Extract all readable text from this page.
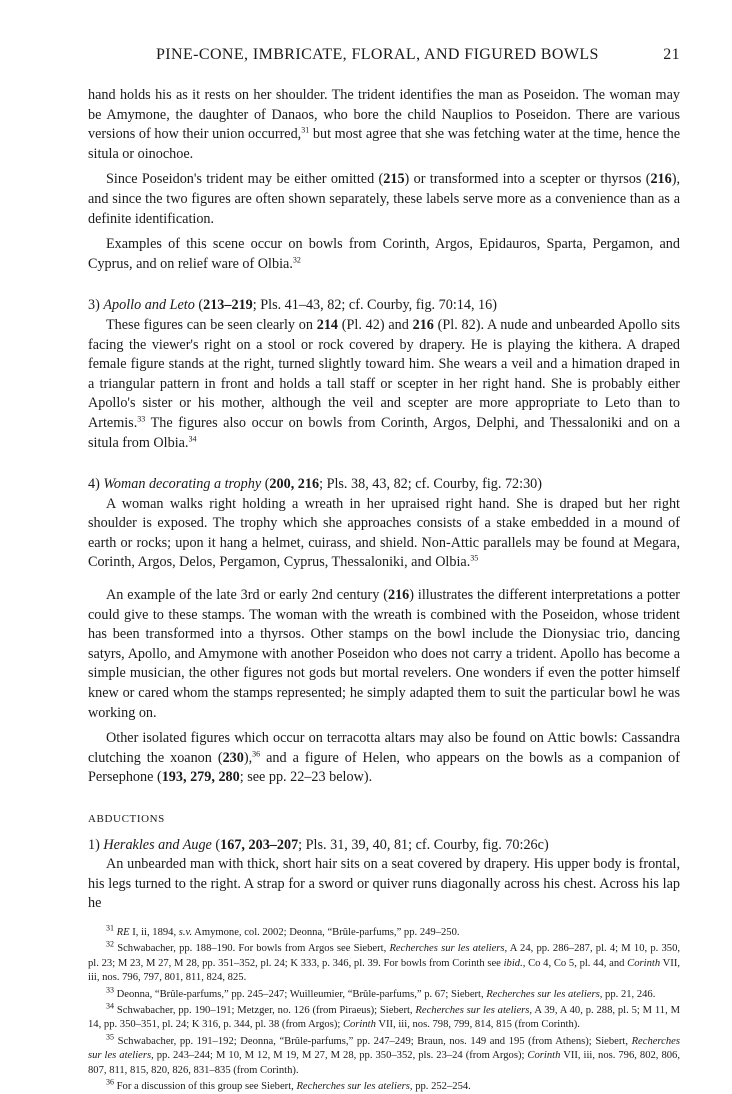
PINE-CONE, IMBRICATE, FLORAL, AND FIGURED BOWLS	21

hand holds his as it rests on her shoulder. The trident identifies the man as Poseidon. The woman may be Amymone, the daughter of Danaos, who bore the child Nauplios to Poseidon. There are various versions of how their union occurred,$^{31}$ but most agree that she was fetching water at the time, hence the situla or oinochoe.

Since Poseidon's trident may be either omitted (215) or transformed into a scepter or thyrsos (216), and since the two figures are often shown separately, these labels serve more as a convenience than as a definite identification.

Examples of this scene occur on bowls from Corinth, Argos, Epidauros, Sparta, Pergamon, and Cyprus, and on relief ware of Olbia.$^{32}$

3) Apollo and Leto (213–219; Pls. 41–43, 82; cf. Courby, fig. 70:14, 16)

These figures can be seen clearly on 214 (Pl. 42) and 216 (Pl. 82). A nude and unbearded Apollo sits facing the viewer's right on a stool or rock covered by drapery. He is playing the kithera. A draped female figure stands at the right, turned slightly toward him. She wears a veil and a himation draped in a triangular pattern in front and holds a tall staff or scepter in her right hand. She is probably either Apollo's sister or his mother, although the veil and scepter are more appropriate to Leto than to Artemis.$^{33}$ The figures also occur on bowls from Corinth, Argos, Delphi, and Thessaloniki and on a situla from Olbia.$^{34}$

4) Woman decorating a trophy (200, 216; Pls. 38, 43, 82; cf. Courby, fig. 72:30)

A woman walks right holding a wreath in her upraised right hand. She is draped but her right shoulder is exposed. The trophy which she approaches consists of a stake embedded in a mound of earth or rocks; upon it hang a helmet, cuirass, and shield. Non-Attic parallels may be found at Megara, Corinth, Argos, Delos, Pergamon, Cyprus, Thessaloniki, and Olbia.$^{35}$

An example of the late 3rd or early 2nd century (216) illustrates the different interpretations a potter could give to these stamps. The woman with the wreath is combined with the Poseidon, whose trident has been transformed into a thyrsos. Other stamps on the bowl include the Dionysiac trio, dancing satyrs, Apollo, and Amymone with another Poseidon who does not carry a trident. Apollo has become a simple musician, the other figures not gods but mortal revelers. One wonders if even the potter himself knew or cared whom the stamps represented; he simply adapted them to suit the particular bowl he was working on.

Other isolated figures which occur on terracotta altars may also be found on Attic bowls: Cassandra clutching the xoanon (230),$^{36}$ and a figure of Helen, who appears on the bowls as a companion of Persephone (193, 279, 280; see pp. 22–23 below).

ABDUCTIONS

1) Herakles and Auge (167, 203–207; Pls. 31, 39, 40, 81; cf. Courby, fig. 70:26c)

An unbearded man with thick, short hair sits on a seat covered by drapery. His upper body is frontal, his legs turned to the right. A strap for a sword or quiver runs diagonally across his chest. Across his lap he

$^{31}$ RE I, ii, 1894, s.v. Amymone, col. 2002; Deonna, “Brûle-parfums,” pp. 249–250.

$^{32}$ Schwabacher, pp. 188–190. For bowls from Argos see Siebert, Recherches sur les ateliers, A 24, pp. 286–287, pl. 4; M 10, p. 350, pl. 23; M 23, M 27, M 28, pp. 351–352, pl. 24; K 333, p. 346, pl. 39. For bowls from Corinth see ibid., Co 4, Co 5, pl. 44, and Corinth VII, iii, nos. 796, 797, 801, 811, 824, 825.

$^{33}$ Deonna, “Brûle-parfums,” pp. 245–247; Wuilleumier, “Brûle-parfums,” p. 67; Siebert, Recherches sur les ateliers, pp. 21, 246.

$^{34}$ Schwabacher, pp. 190–191; Metzger, no. 126 (from Piraeus); Siebert, Recherches sur les ateliers, A 39, A 40, p. 288, pl. 5; M 11, M 14, pp. 350–351, pl. 24; K 316, p. 344, pl. 38 (from Argos); Corinth VII, iii, nos. 798, 799, 814, 815 (from Corinth).

$^{35}$ Schwabacher, pp. 191–192; Deonna, “Brûle-parfums,” pp. 247–249; Braun, nos. 149 and 195 (from Athens); Siebert, Recherches sur les ateliers, pp. 243–244; M 10, M 12, M 19, M 27, M 28, pp. 350–352, pls. 23–24 (from Argos); Corinth VII, iii, nos. 796, 802, 806, 807, 811, 815, 820, 826, 831–835 (from Corinth).

$^{36}$ For a discussion of this group see Siebert, Recherches sur les ateliers, pp. 252–254.
